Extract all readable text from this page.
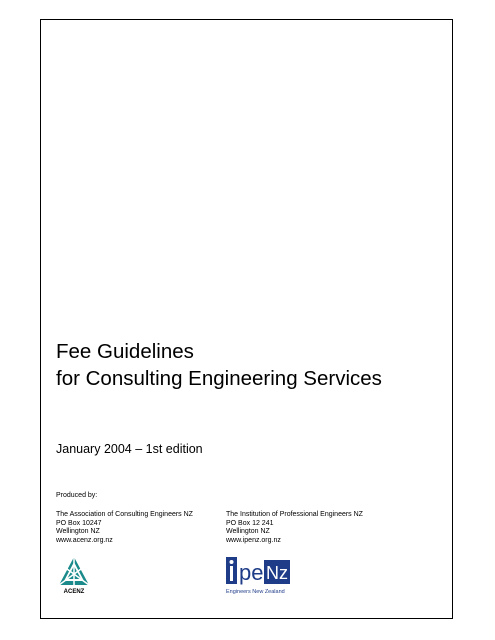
Fee Guidelines
for Consulting Engineering Services
January 2004 – 1st edition
Produced by:
The Association of Consulting Engineers NZ
PO Box 10247
Wellington NZ
www.acenz.org.nz
The Institution of Professional Engineers NZ
PO Box 12 241
Wellington NZ
www.ipenz.org.nz
ACENZ
pe Nz
Engineers New Zealand
